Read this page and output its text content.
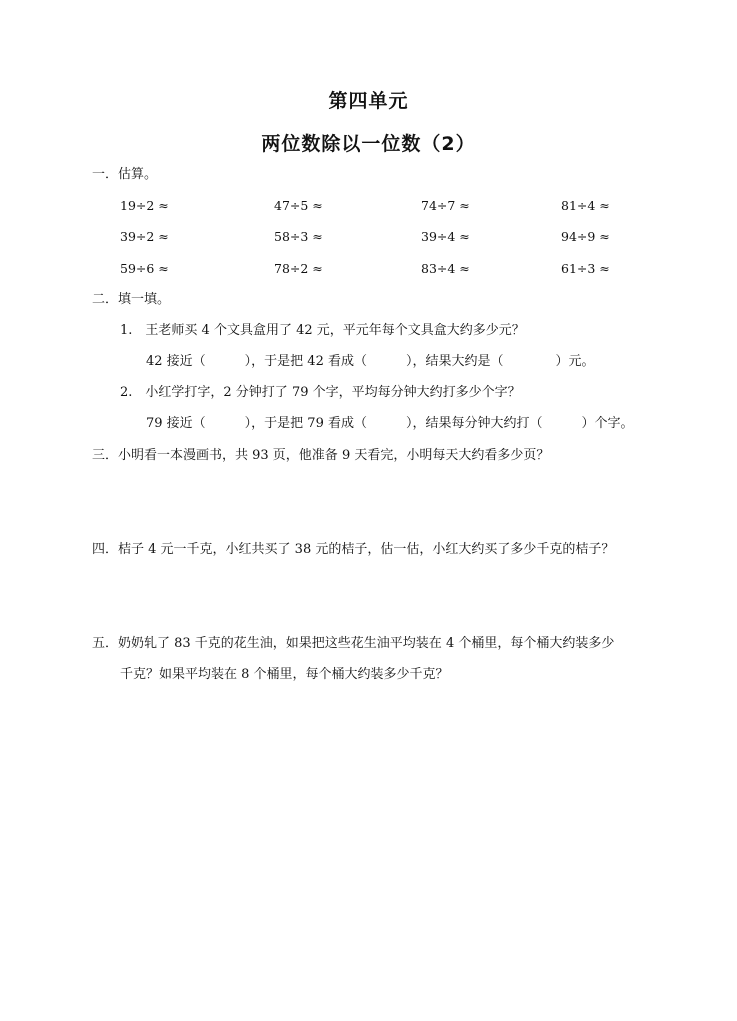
第四单元
两位数除以一位数（2）
一．估算。
19÷2 ≈	47÷5 ≈	74÷7 ≈	81÷4 ≈
39÷2 ≈	58÷3 ≈	39÷4 ≈	94÷9 ≈
59÷6 ≈	78÷2 ≈	83÷4 ≈	61÷3 ≈
二．填一填。
1.　王老师买 4 个文具盒用了 42 元，平元年每个文具盒大约多少元？
42 接近（　　　），于是把 42 看成（　　　），结果大约是（　　　　）元。
2.　小红学打字，2 分钟打了 79 个字，平均每分钟大约打多少个字？
79 接近（　　　），于是把 79 看成（　　　），结果每分钟大约打（　　　）个字。
三．小明看一本漫画书，共 93 页，他准备 9 天看完，小明每天大约看多少页？
四．桔子 4 元一千克，小红共买了 38 元的桔子，估一估，小红大约买了多少千克的桔子？
五．奶奶轧了 83 千克的花生油，如果把这些花生油平均装在 4 个桶里，每个桶大约装多少
千克？如果平均装在 8 个桶里，每个桶大约装多少千克？
